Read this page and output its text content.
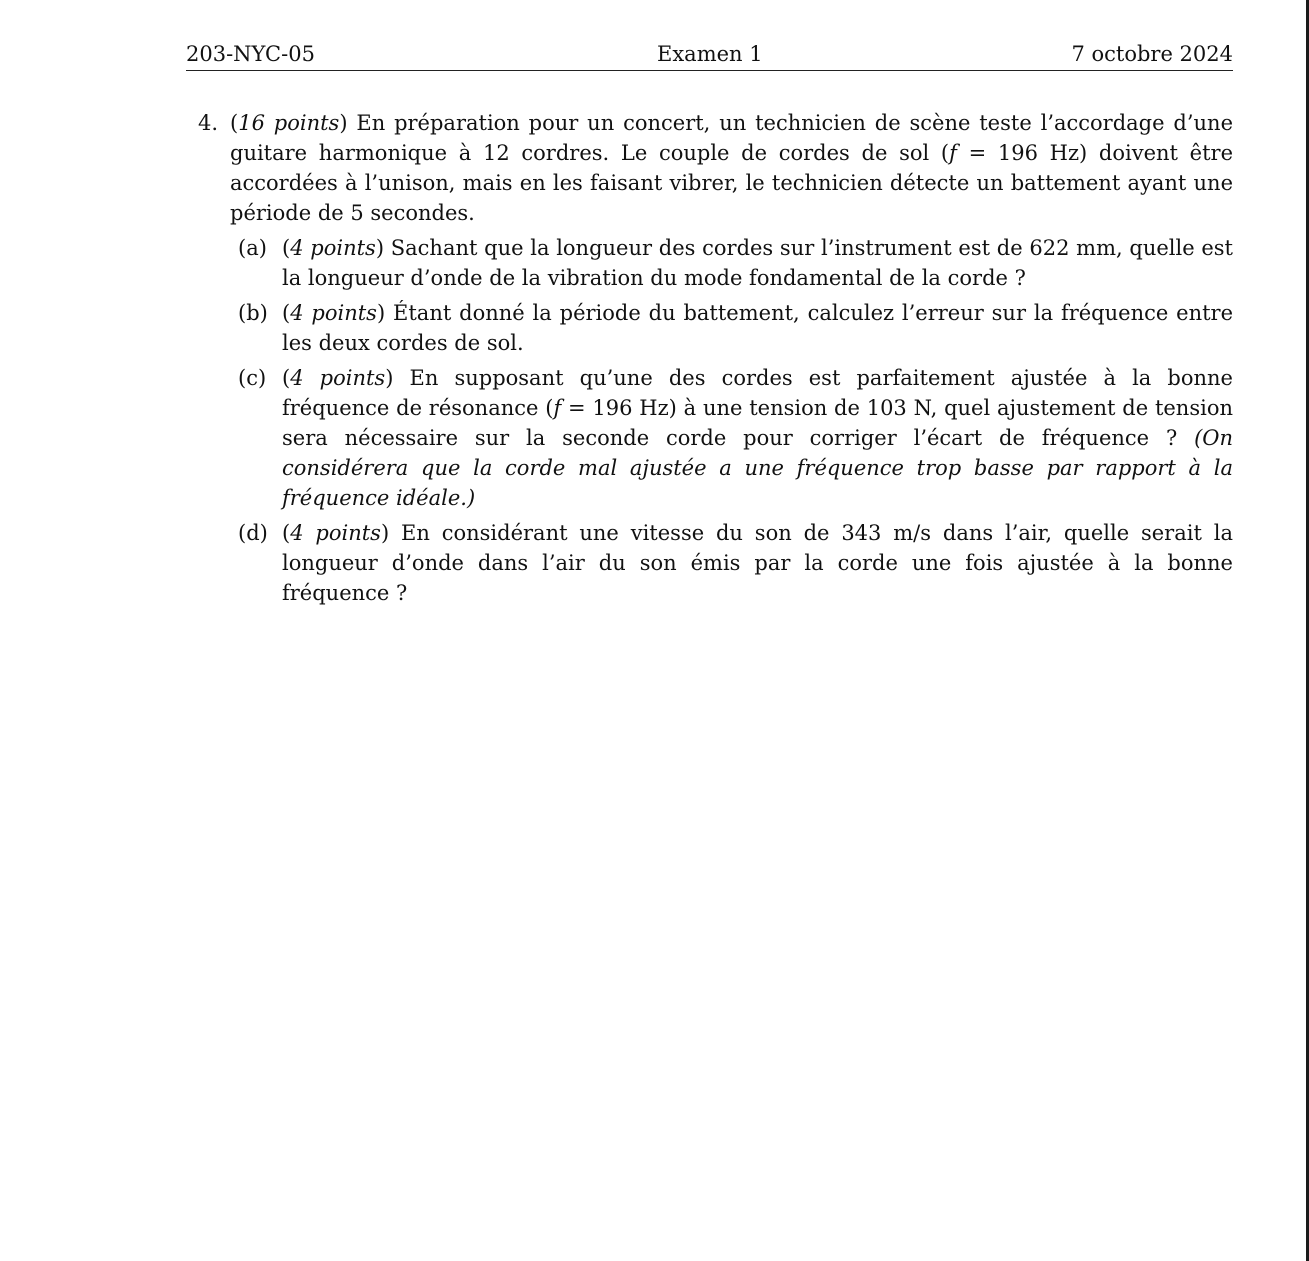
203-NYC-05	Examen 1	7 octobre 2024
4. (16 points) En préparation pour un concert, un technicien de scène teste l’accordage d’une guitare harmonique à 12 cordres. Le couple de cordes de sol (f = 196 Hz) doivent être accordées à l’unison, mais en les faisant vibrer, le technicien détecte un battement ayant une période de 5 secondes.
(a) (4 points) Sachant que la longueur des cordes sur l’instrument est de 622 mm, quelle est la longueur d’onde de la vibration du mode fondamental de la corde ?
(b) (4 points) Étant donné la période du battement, calculez l’erreur sur la fréquence entre les deux cordes de sol.
(c) (4 points) En supposant qu’une des cordes est parfaitement ajustée à la bonne fréquence de résonance (f = 196 Hz) à une tension de 103 N, quel ajustement de tension sera nécessaire sur la seconde corde pour corriger l’écart de fréquence ? (On considérera que la corde mal ajustée a une fréquence trop basse par rapport à la fréquence idéale.)
(d) (4 points) En considérant une vitesse du son de 343 m/s dans l’air, quelle serait la longueur d’onde dans l’air du son émis par la corde une fois ajustée à la bonne fréquence ?
